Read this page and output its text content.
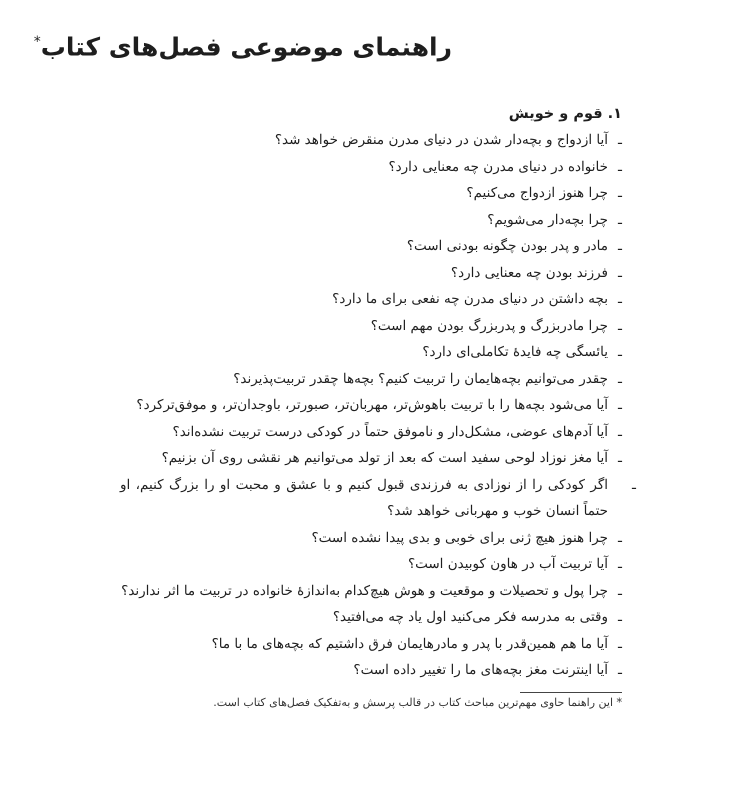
راهنمای موضوعی فصل‌های کتاب*
۱. قوم و خویش
ـآیا ازدواج و بچه‌دار شدن در دنیای مدرن منقرض خواهد شد؟
ـخانواده در دنیای مدرن چه معنایی دارد؟
ـچرا هنوز ازدواج می‌کنیم؟
ـچرا بچه‌دار می‌شویم؟
ـمادر و پدر بودن چگونه بودنی است؟
ـفرزند بودن چه معنایی دارد؟
ـبچه داشتن در دنیای مدرن چه نفعی برای ما دارد؟
ـچرا مادربزرگ و پدربزرگ بودن مهم است؟
ـیائسگی چه فایدهٔ تکاملی‌ای دارد؟
ـچقدر می‌توانیم بچه‌هایمان را تربیت کنیم؟ بچه‌ها چقدر تربیت‌پذیرند؟
ـآیا می‌شود بچه‌ها را با تربیت باهوش‌تر، مهربان‌تر، صبورتر، باوجدان‌تر، و موفق‌ترکرد؟
ـآیا آدم‌های عوضی، مشکل‌دار و ناموفق حتماً در کودکی درست تربیت نشده‌اند؟
ـآیا مغز نوزاد لوحی سفید است که بعد از تولد می‌توانیم هر نقشی روی آن بزنیم؟
ـاگر کودکی را از نوزادی به فرزندی قبول کنیم و با عشق و محبت او را بزرگ کنیم، او حتماً انسان خوب و مهربانی خواهد شد؟
ـچرا هنوز هیچ ژنی برای خوبی و بدی پیدا نشده است؟
ـآیا تربیت آب در هاون کوبیدن است؟
ـچرا پول و تحصیلات و موقعیت و هوش هیچ‌کدام به‌اندازهٔ خانواده در تربیت ما اثر ندارند؟
ـوقتی به مدرسه فکر می‌کنید اول یاد چه می‌افتید؟
ـآیا ما هم همین‌قدر با پدر و مادرهایمان فرق داشتیم که بچه‌های ما با ما؟
ـآیا اینترنت مغز بچه‌های ما را تغییر داده است؟

* این راهنما حاوی مهم‌ترین مباحث کتاب در قالب پرسش و به‌تفکیک فصل‌های کتاب است.
